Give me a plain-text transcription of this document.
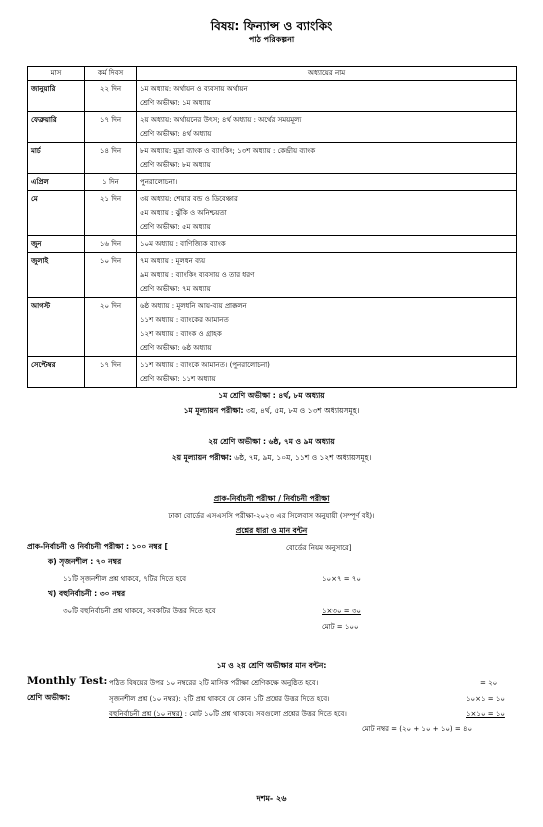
বিষয়: ফিন্যান্স ও ব্যাংকিং
পাঠ পরিকল্পনা
মাস	কর্ম দিবস	অধ্যায়ের নাম
জানুয়ারি	২২ দিন	১ম অধ্যায়: অর্থায়ন ও ব্যবসায় অর্থায়ন
শ্রেণি অভীক্ষা: ১ম অধ্যায়

ফেব্রুয়ারি	১৭ দিন	২য় অধ্যায়: অর্থায়নের উৎস; ৪র্থ অধ্যায় : অর্থের সময়মূল্য
শ্রেণি অভীক্ষা: ৪র্থ অধ্যায়

মার্চ	১৪ দিন	৮ম অধ্যায়: মুদ্রা ব্যাংক ও ব্যাংকিং; ১৩শ অধ্যায় : কেন্দ্রীয় ব্যাংক
শ্রেণি অভীক্ষা: ৮ম অধ্যায়

এপ্রিল	১ দিন	পুনরালোচনা।

মে	২১ দিন	৩য় অধ্যায়: শেয়ার বন্ড ও ডিবেঞ্চার
৫ম অধ্যায় : ঝুঁকি ও অনিশ্চয়তা
শ্রেণি অভীক্ষা: ৫ম অধ্যায়

জুন	১৬ দিন	১০ম অধ্যায় : বাণিজ্যিক ব্যাংক

জুলাই	১০ দিন	৭ম অধ্যায় : মূলধন ব্যয়
৯ম অধ্যায় : ব্যাংকিং ব্যবসায় ও তার ধরণ
শ্রেণি অভীক্ষা: ৭ম অধ্যায়

আগস্ট	২০ দিন	৬ষ্ঠ অধ্যায় : মূলধনি আয়-ব্যয় প্রাক্কলন
১১শ অধ্যায় : ব্যাংকের আমানত
১২শ অধ্যায় : ব্যাংক ও গ্রাহক
শ্রেণি অভীক্ষা: ৬ষ্ঠ অধ্যায়

সেপ্টেম্বর	১৭ দিন	১১শ অধ্যায় : ব্যাংকে আমানত। (পুনরালোচনা)
শ্রেণি অভীক্ষা: ১১শ অধ্যায়
১ম শ্রেণি অভীক্ষা : ৪র্থ, ৮ম অধ্যায়
১ম মূল্যায়ন পরীক্ষা: ৩য়, ৪র্থ, ৫ম, ৮ম ও ১৩শ অধ্যায়সমূহ।
২য় শ্রেণি অভীক্ষা : ৬ষ্ঠ, ৭ম ও ৯ম অধ্যায়
২য় মূল্যায়ন পরীক্ষা: ৬ষ্ঠ, ৭ম, ৯ম, ১০ম, ১১শ ও ১২শ অধ্যায়সমূহ।
প্রাক-নির্বাচনী পরীক্ষা / নির্বাচনী পরীক্ষা
ঢাকা বোর্ডের এসএসসি পরীক্ষা-২০২৩ এর সিলেবাস অনুযায়ী (সম্পূর্ণ বই)।
প্রশ্নের ধারা ও মান বন্টন
প্রাক-নির্বাচনী ও নির্বাচনী পরীক্ষা : ১০০ নম্বর [	বোর্ডের নিয়ম অনুসারে]
ক) সৃজনশীল : ৭০ নম্বর
১১টি সৃজনশীল প্রশ্ন থাকবে, ৭টির দিতে হবে	১০×৭ = ৭০
খ) বহুনির্বাচনী : ৩০ নম্বর
৩০টি বহুনির্বাচনী প্রশ্ন থাকবে, সবকটির উত্তর দিতে হবে	১×৩০ = ৩০
মোট = ১০০
১ম ও ২য় শ্রেণি অভীক্ষার মান বন্টন:
Monthly Test: পঠিত বিষয়ের উপর ১০ নম্বরের ২টি মাসিক পরীক্ষা শ্রেণিকক্ষে অনুষ্ঠিত হবে।	= ২০
শ্রেণি অভীক্ষা:	সৃজনশীল প্রশ্ন (১০ নম্বর): ২টি প্রশ্ন থাকবে যে কোন ১টি প্রশ্নের উত্তর দিতে হবে।	১০×১ = ১০
বহুনির্বাচনী প্রশ্ন (১০ নম্বর) : মোট ১০টি প্রশ্ন থাকবে। সবগুলো প্রশ্নের উত্তর দিতে হবে।	১×১০ = ১০
মোট নম্বর = (২০ + ১০ + ১০) = ৪০
দশম- ২৬
